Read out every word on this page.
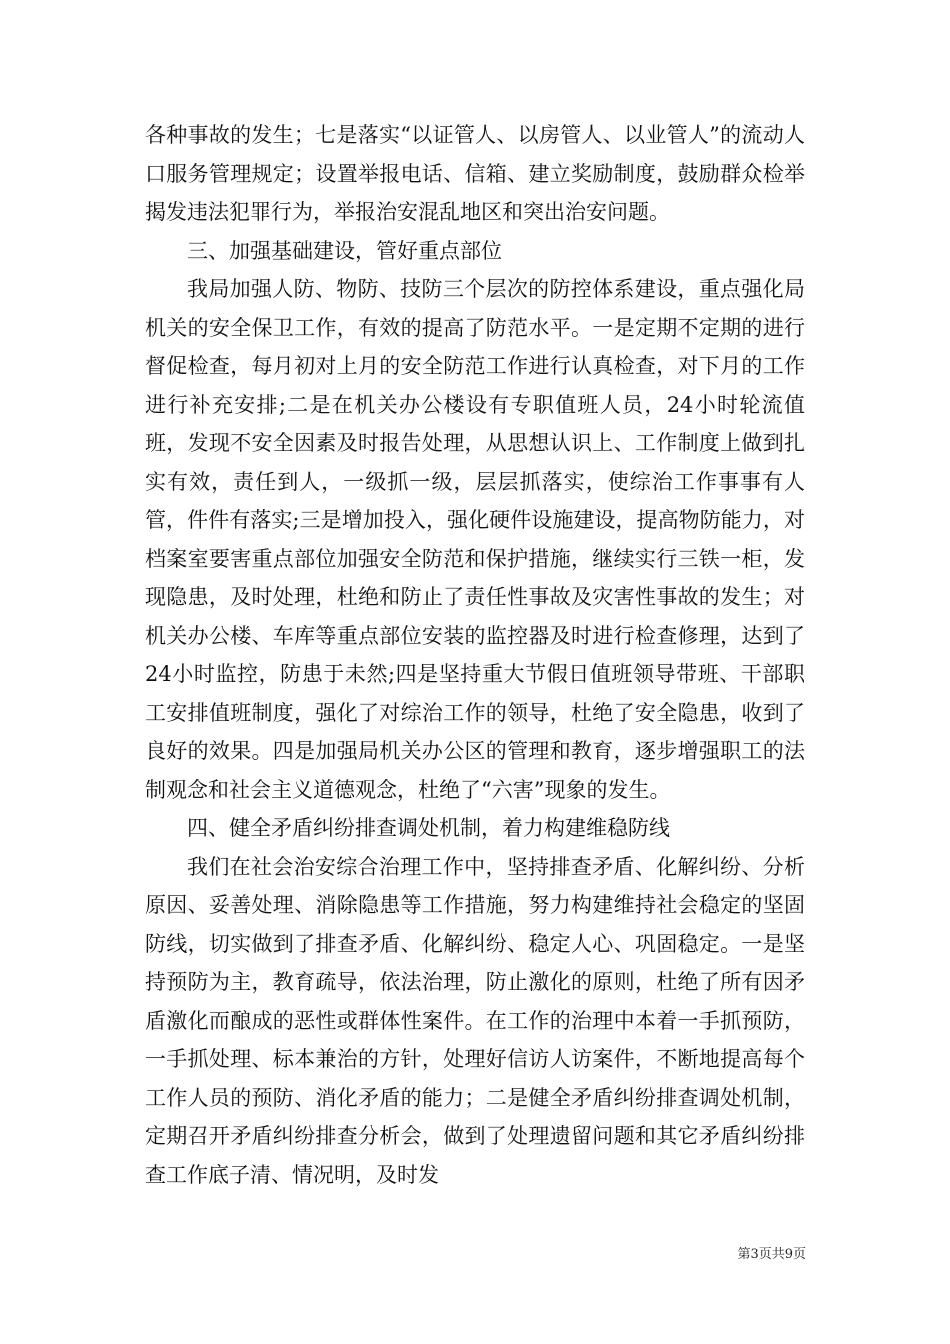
各种事故的发生；七是落实“以证管人、以房管人、以业管人”的流动人口服务管理规定；设置举报电话、信箱、建立奖励制度，鼓励群众检举揭发违法犯罪行为，举报治安混乱地区和突出治安问题。

三、加强基础建设，管好重点部位

我局加强人防、物防、技防三个层次的防控体系建设，重点强化局机关的安全保卫工作，有效的提高了防范水平。一是定期不定期的进行督促检查，每月初对上月的安全防范工作进行认真检查，对下月的工作进行补充安排;二是在机关办公楼设有专职值班人员，24小时轮流值班，发现不安全因素及时报告处理，从思想认识上、工作制度上做到扎实有效，责任到人，一级抓一级，层层抓落实，使综治工作事事有人管，件件有落实;三是增加投入，强化硬件设施建设，提高物防能力，对档案室要害重点部位加强安全防范和保护措施，继续实行三铁一柜，发现隐患，及时处理，杜绝和防止了责任性事故及灾害性事故的发生；对机关办公楼、车库等重点部位安装的监控器及时进行检查修理，达到了24小时监控，防患于未然;四是坚持重大节假日值班领导带班、干部职工安排值班制度，强化了对综治工作的领导，杜绝了安全隐患，收到了良好的效果。四是加强局机关办公区的管理和教育，逐步增强职工的法制观念和社会主义道德观念，杜绝了“六害”现象的发生。

四、健全矛盾纠纷排查调处机制，着力构建维稳防线

我们在社会治安综合治理工作中，坚持排查矛盾、化解纠纷、分析原因、妥善处理、消除隐患等工作措施，努力构建维持社会稳定的坚固防线，切实做到了排查矛盾、化解纠纷、稳定人心、巩固稳定。一是坚持预防为主，教育疏导，依法治理，防止激化的原则，杜绝了所有因矛盾激化而酿成的恶性或群体性案件。在工作的治理中本着一手抓预防，一手抓处理、标本兼治的方针，处理好信访人访案件，不断地提高每个工作人员的预防、消化矛盾的能力；二是健全矛盾纠纷排查调处机制，定期召开矛盾纠纷排查分析会，做到了处理遗留问题和其它矛盾纠纷排查工作底子清、情况明，及时发

第3页共9页
